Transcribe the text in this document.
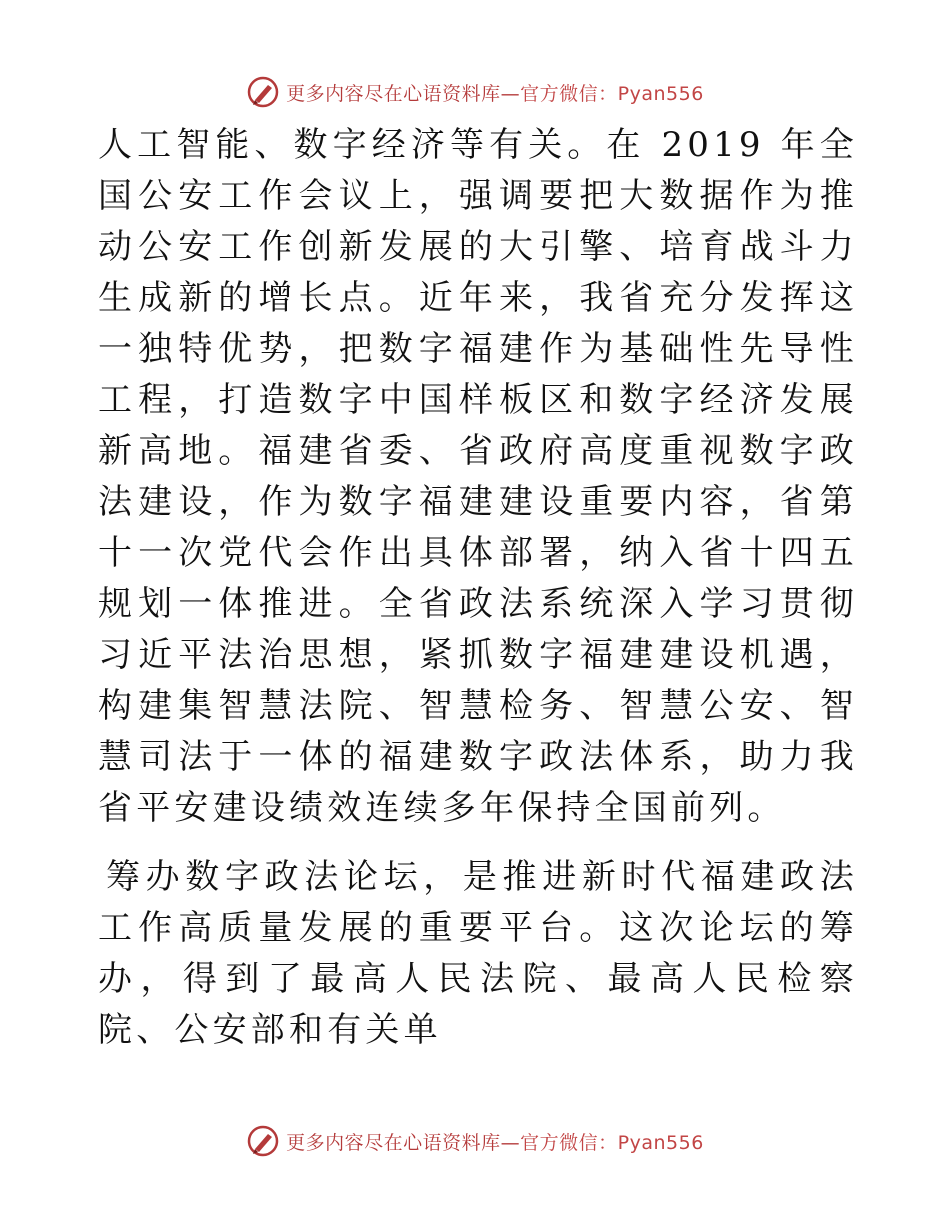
更多内容尽在心语资料库—官方微信：Pyan556

人工智能、数字经济等有关。在 2019 年全国公安工作会议上，强调要把大数据作为推动公安工作创新发展的大引擎、培育战斗力生成新的增长点。近年来，我省充分发挥这一独特优势，把数字福建作为基础性先导性工程，打造数字中国样板区和数字经济发展新高地。福建省委、省政府高度重视数字政法建设，作为数字福建建设重要内容，省第十一次党代会作出具体部署，纳入省十四五规划一体推进。全省政法系统深入学习贯彻习近平法治思想，紧抓数字福建建设机遇，构建集智慧法院、智慧检务、智慧公安、智慧司法于一体的福建数字政法体系，助力我省平安建设绩效连续多年保持全国前列。

筹办数字政法论坛，是推进新时代福建政法工作高质量发展的重要平台。这次论坛的筹办，得到了最高人民法院、最高人民检察院、公安部和有关单

更多内容尽在心语资料库—官方微信：Pyan556
